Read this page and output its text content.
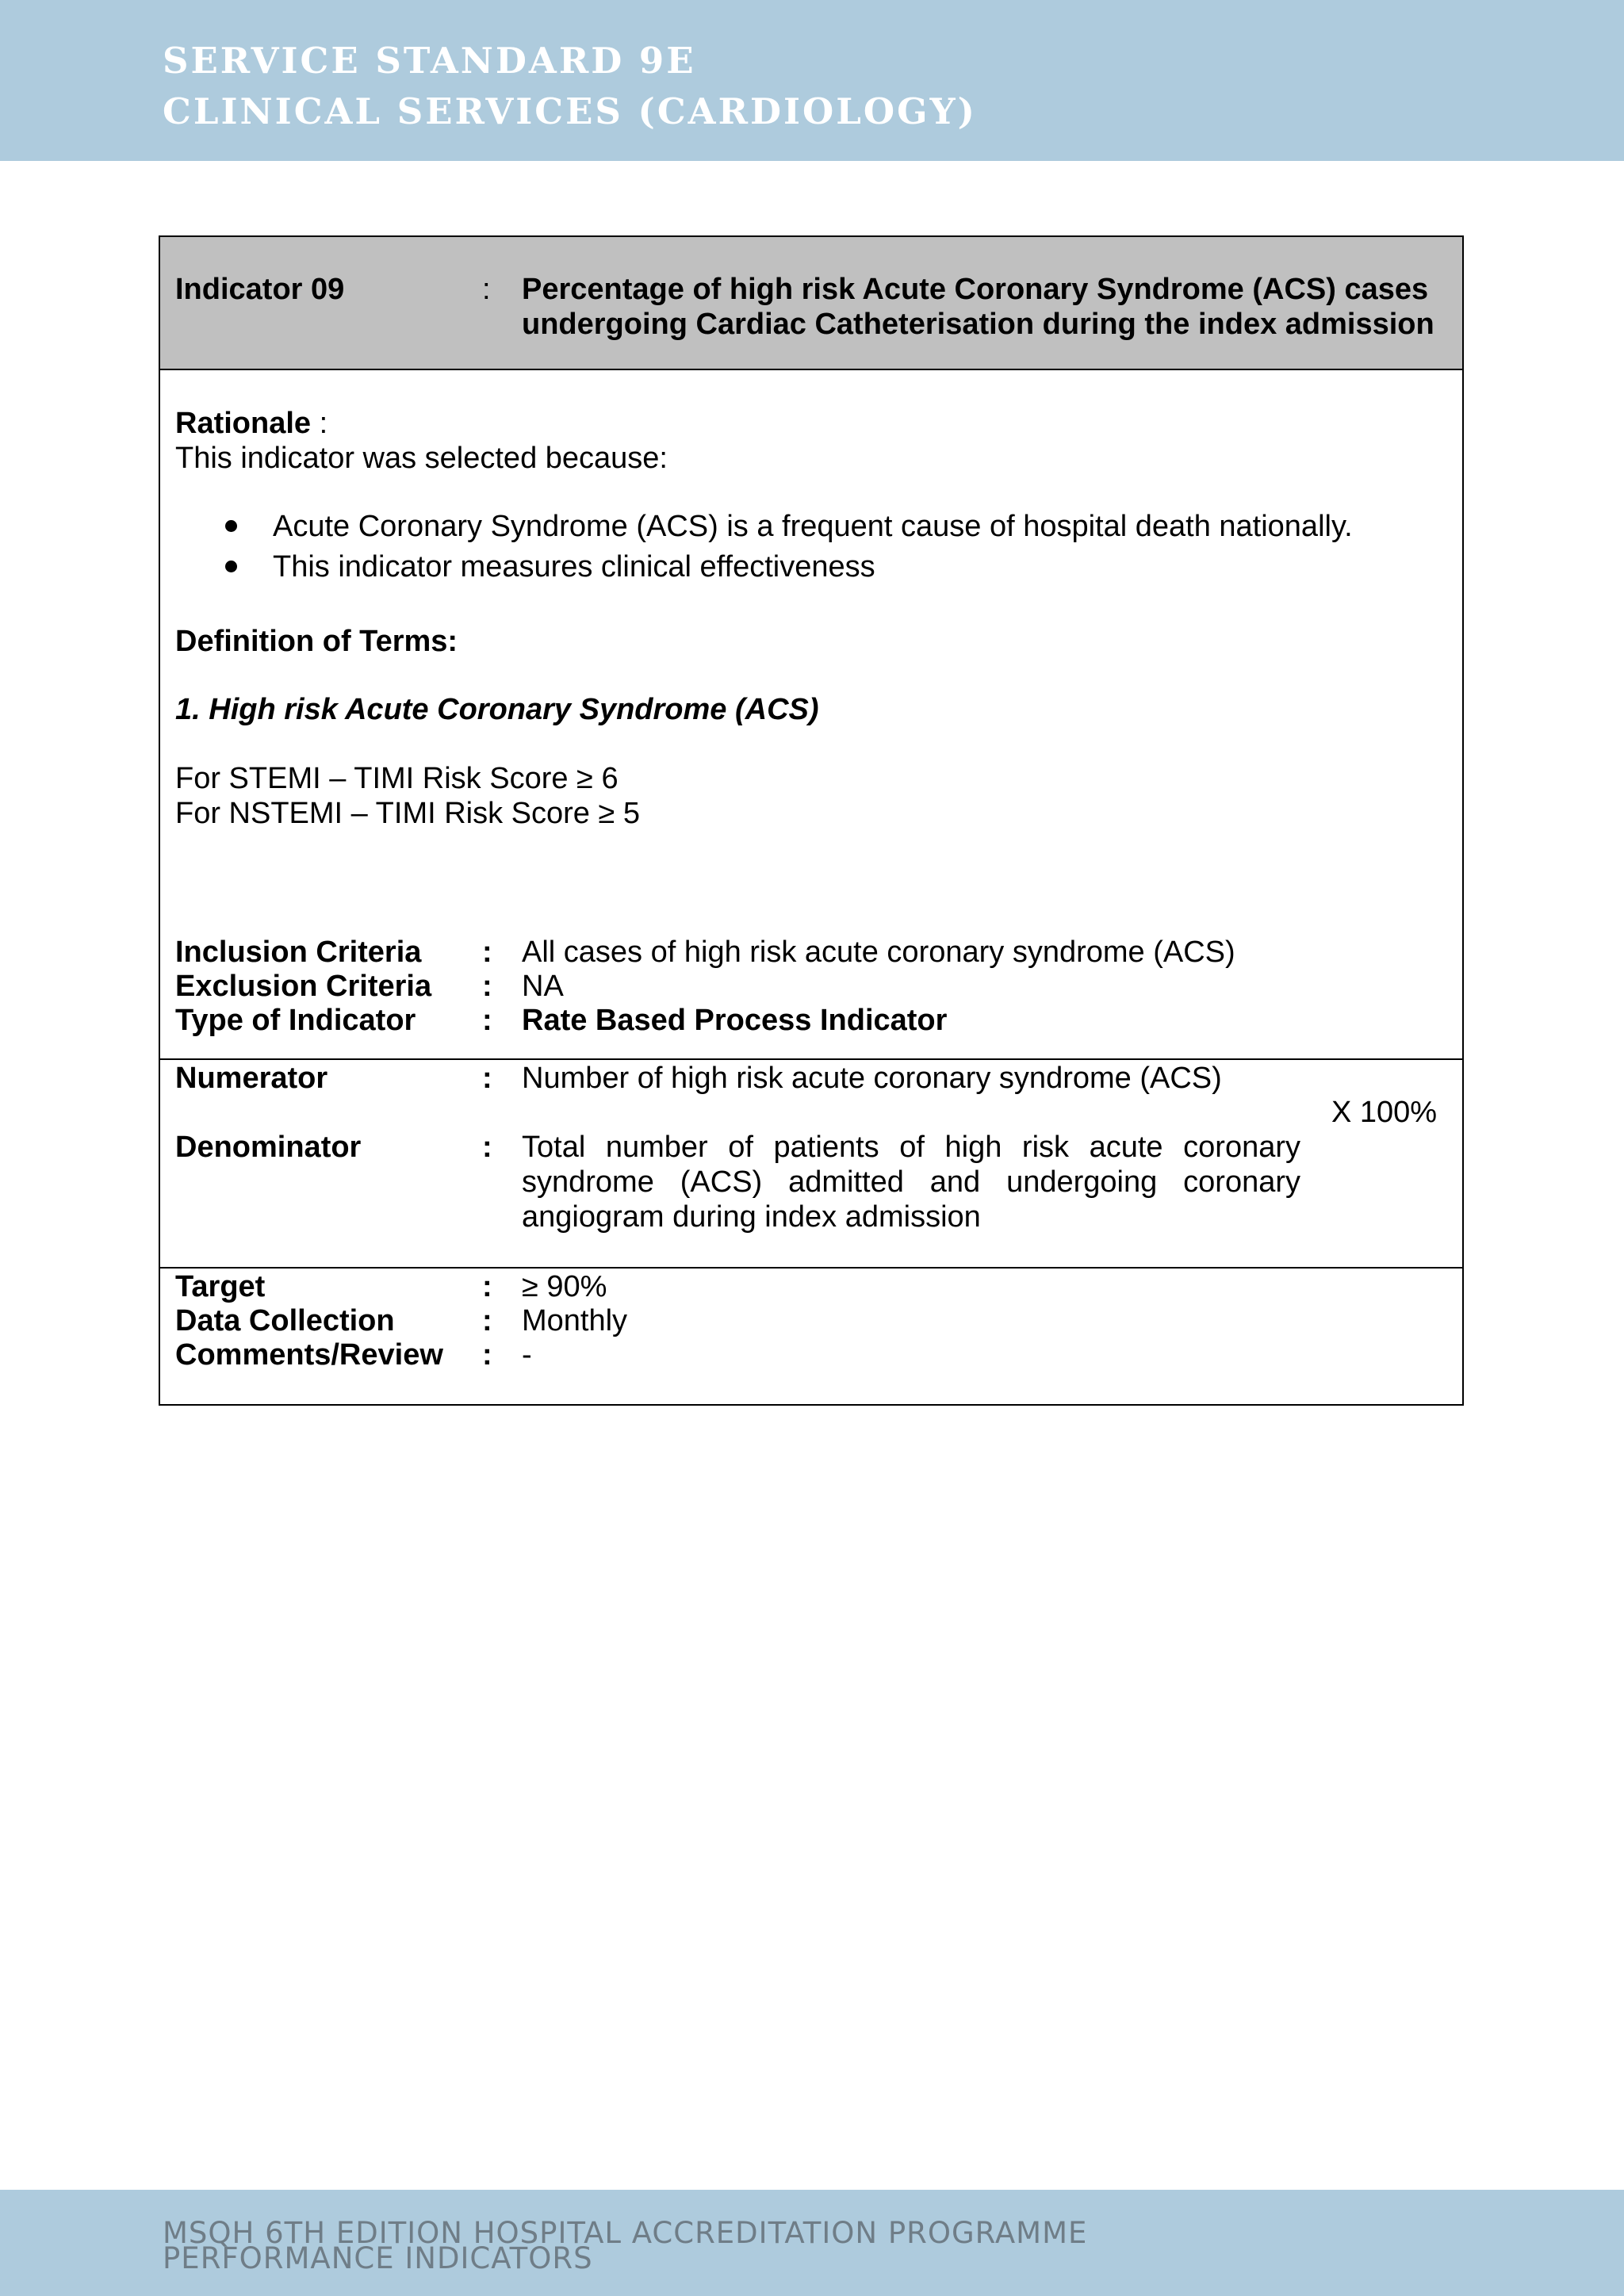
SERVICE STANDARD 9E
CLINICAL SERVICES (CARDIOLOGY)
Indicator 09	: Percentage of high risk Acute Coronary Syndrome (ACS) cases
undergoing Cardiac Catheterisation during the index admission
Rationale :
This indicator was selected because:
Acute Coronary Syndrome (ACS) is a frequent cause of hospital death nationally.
This indicator measures clinical effectiveness
Definition of Terms:
1. High risk Acute Coronary Syndrome (ACS)
For STEMI – TIMI Risk Score ≥ 6
For NSTEMI – TIMI Risk Score ≥ 5
Inclusion Criteria : All cases of high risk acute coronary syndrome (ACS)
Exclusion Criteria : NA
Type of Indicator : Rate Based Process Indicator
Numerator	: Number of high risk acute coronary syndrome (ACS)
X 100%
Denominator	: Total number of patients of high risk acute coronary syndrome (ACS) admitted and undergoing coronary angiogram during index admission
Target	: ≥ 90%
Data Collection	: Monthly
Comments/Review : -
MSQH 6TH EDITION HOSPITAL ACCREDITATION PROGRAMME
PERFORMANCE INDICATORS
